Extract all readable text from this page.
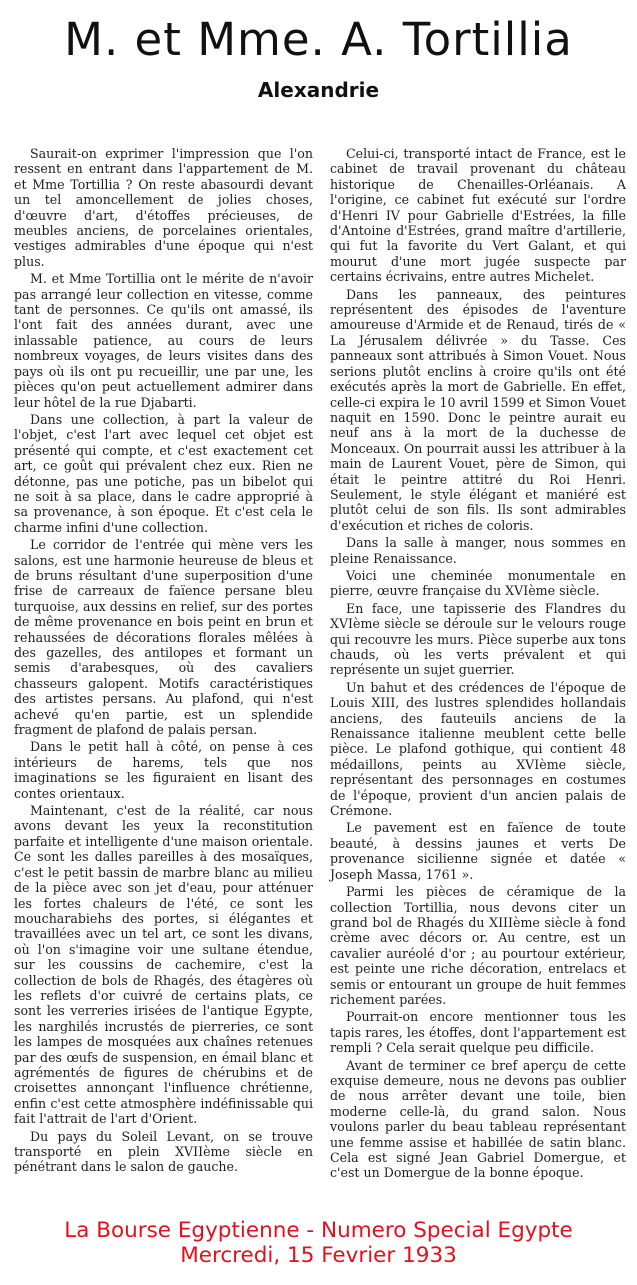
M. et Mme. A. Tortillia
Alexandrie

Saurait-on exprimer l'impression que l'on ressent en entrant dans l'appartement de M. et Mme Tortillia ? On reste abasourdi devant un tel amoncellement de jolies choses, d'œuvre d'art, d'étoffes précieuses, de meubles anciens, de porcelaines orientales, vestiges admirables d'une époque qui n'est plus.

M. et Mme Tortillia ont le mérite de n'avoir pas arrangé leur collection en vitesse, comme tant de personnes. Ce qu'ils ont amassé, ils l'ont fait des années durant, avec une inlassable patience, au cours de leurs nombreux voyages, de leurs visites dans des pays où ils ont pu recueillir, une par une, les pièces qu'on peut actuellement admirer dans leur hôtel de la rue Djabarti.

Dans une collection, à part la valeur de l'objet, c'est l'art avec lequel cet objet est présenté qui compte, et c'est exactement cet art, ce goût qui prévalent chez eux. Rien ne détonne, pas une potiche, pas un bibelot qui ne soit à sa place, dans le cadre approprié à sa provenance, à son époque. Et c'est cela le charme infini d'une collection.

Le corridor de l'entrée qui mène vers les salons, est une harmonie heureuse de bleus et de bruns résultant d'une superposition d'une frise de carreaux de faïence persane bleu turquoise, aux dessins en relief, sur des portes de même provenance en bois peint en brun et rehaussées de décorations florales mêlées à des gazelles, des antilopes et formant un semis d'arabesques, où des cavaliers chasseurs galopent. Motifs caractéristiques des artistes persans. Au plafond, qui n'est achevé qu'en partie, est un splendide fragment de plafond de palais persan.

Dans le petit hall à côté, on pense à ces intérieurs de harems, tels que nos imaginations se les figuraient en lisant des contes orientaux.

Maintenant, c'est de la réalité, car nous avons devant les yeux la reconstitution parfaite et intelligente d'une maison orientale. Ce sont les dalles pareilles à des mosaïques, c'est le petit bassin de marbre blanc au milieu de la pièce avec son jet d'eau, pour atténuer les fortes chaleurs de l'été, ce sont les moucharabiehs des portes, si élégantes et travaillées avec un tel art, ce sont les divans, où l'on s'imagine voir une sultane étendue, sur les coussins de cachemire, c'est la collection de bols de Rhagés, des étagères où les reflets d'or cuivré de certains plats, ce sont les verreries irisées de l'antique Egypte, les narghilés incrustés de pierreries, ce sont les lampes de mosquées aux chaînes retenues par des œufs de suspension, en émail blanc et agrémentés de figures de chérubins et de croisettes annonçant l'influence chrétienne, enfin c'est cette atmosphère indéfinissable qui fait l'attrait de l'art d'Orient.

Du pays du Soleil Levant, on se trouve transporté en plein XVIIème siècle en pénétrant dans le salon de gauche.

Celui-ci, transporté intact de France, est le cabinet de travail provenant du château historique de Chenailles-Orléanais. A l'origine, ce cabinet fut exécuté sur l'ordre d'Henri IV pour Gabrielle d'Estrées, la fille d'Antoine d'Estrées, grand maître d'artillerie, qui fut la favorite du Vert Galant, et qui mourut d'une mort jugée suspecte par certains écrivains, entre autres Michelet.

Dans les panneaux, des peintures représentent des épisodes de l'aventure amoureuse d'Armide et de Renaud, tirés de « La Jérusalem délivrée » du Tasse. Ces panneaux sont attribués à Simon Vouet. Nous serions plutôt enclins à croire qu'ils ont été exécutés après la mort de Gabrielle. En effet, celle-ci expira le 10 avril 1599 et Simon Vouet naquit en 1590. Donc le peintre aurait eu neuf ans à la mort de la duchesse de Monceaux. On pourrait aussi les attribuer à la main de Laurent Vouet, père de Simon, qui était le peintre attitré du Roi Henri. Seulement, le style élégant et maniéré est plutôt celui de son fils. Ils sont admirables d'exécution et riches de coloris.

Dans la salle à manger, nous sommes en pleine Renaissance.

Voici une cheminée monumentale en pierre, œuvre française du XVIème siècle.

En face, une tapisserie des Flandres du XVIème siècle se déroule sur le velours rouge qui recouvre les murs. Pièce superbe aux tons chauds, où les verts prévalent et qui représente un sujet guerrier.

Un bahut et des crédences de l'époque de Louis XIII, des lustres splendides hollandais anciens, des fauteuils anciens de la Renaissance italienne meublent cette belle pièce. Le plafond gothique, qui contient 48 médaillons, peints au XVIème siècle, représentant des personnages en costumes de l'époque, provient d'un ancien palais de Crémone.

Le pavement est en faïence de toute beauté, à dessins jaunes et verts De provenance sicilienne signée et datée « Joseph Massa, 1761 ».

Parmi les pièces de céramique de la collection Tortillia, nous devons citer un grand bol de Rhagés du XIIIème siècle à fond crème avec décors or. Au centre, est un cavalier auréolé d'or ; au pourtour extérieur, est peinte une riche décoration, entrelacs et semis or entourant un groupe de huit femmes richement parées.

Pourrait-on encore mentionner tous les tapis rares, les étoffes, dont l'appartement est rempli ? Cela serait quelque peu difficile.

Avant de terminer ce bref aperçu de cette exquise demeure, nous ne devons pas oublier de nous arrêter devant une toile, bien moderne celle-là, du grand salon. Nous voulons parler du beau tableau représentant une femme assise et habillée de satin blanc. Cela est signé Jean Gabriel Domergue, et c'est un Domergue de la bonne époque.

La Bourse Egyptienne - Numero Special Egypte
Mercredi, 15 Fevrier 1933
